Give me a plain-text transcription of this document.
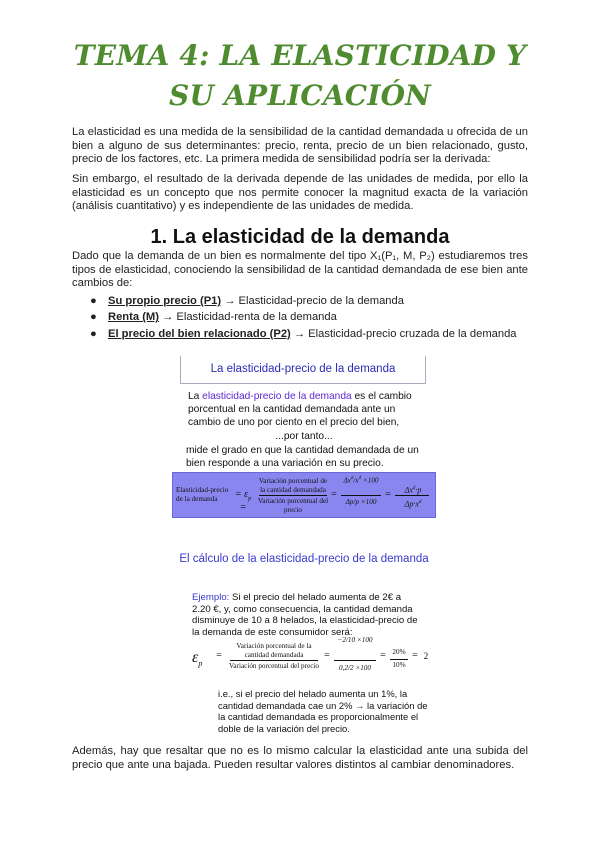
TEMA 4: LA ELASTICIDAD Y SU APLICACIÓN

La elasticidad es una medida de la sensibilidad de la cantidad demandada u ofrecida de un bien a alguno de sus determinantes: precio, renta, precio de un bien relacionado, gusto, precio de los factores, etc. La primera medida de sensibilidad podría ser la derivada:

Sin embargo, el resultado de la derivada depende de las unidades de medida, por ello la elasticidad es un concepto que nos permite conocer la magnitud exacta de la variación (análisis cuantitativo) y es independiente de las unidades de medida.

1. La elasticidad de la demanda

Dado que la demanda de un bien es normalmente del tipo X₁(P₁, M, P₂) estudiaremos tres tipos de elasticidad, conociendo la sensibilidad de la cantidad demandada de ese bien ante cambios de:

● Su propio precio (P1) → Elasticidad-precio de la demanda
● Renta (M) → Elasticidad-renta de la demanda
● El precio del bien relacionado (P2) → Elasticidad-precio cruzada de la demanda
La elasticidad-precio de la demanda
La elasticidad-precio de la demanda es el cambio porcentual en la cantidad demandada ante un cambio de uno por ciento en el precio del bien,
...por tanto...
mide el grado en que la cantidad demandada de un bien responde a una variación en su precio.
Elasticidad-precio de la demanda	= $\varepsilon_p$ =
Variación porcentual de la cantidad demandada
Variación porcentual del precio
=
$\Delta x^d/x^d \times 100$
Δp/p ×100
=	$\Delta x^d\cdot p$
$\Delta p\cdot x^d$
El cálculo de la elasticidad-precio de la demanda
Ejemplo: Si el precio del helado aumenta de 2€ a 2.20 €, y, como consecuencia, la cantidad demanda disminuye de 10 a 8 helados, la elasticidad-precio de la demanda de este consumidor será:
$\varepsilon_p$
=
Variación porcentual de la cantidad demandada
Variación porcentual del precio
=
−2/10 ×100
0,2/2 ×100
= 20%
10%
= 2
i.e., si el precio del helado aumenta un 1%, la cantidad demandada cae un 2% → la variación de la cantidad demandada es proporcionalmente el doble de la variación del precio.

Además, hay que resaltar que no es lo mismo calcular la elasticidad ante una subida del precio que ante una bajada. Pueden resultar valores distintos al cambiar denominadores.
